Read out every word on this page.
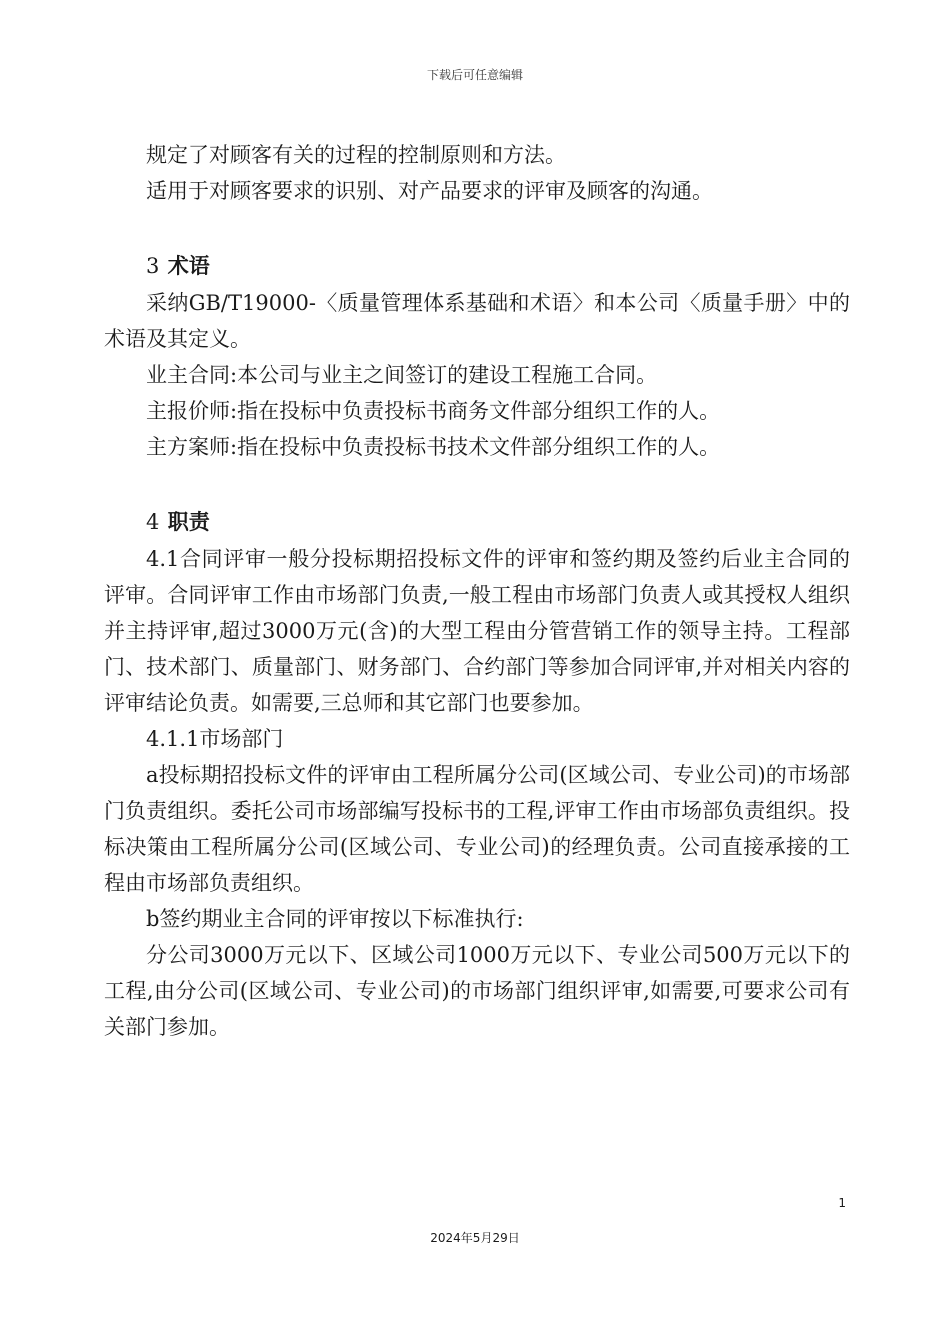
下载后可任意编辑

规定了对顾客有关的过程的控制原则和方法。

适用于对顾客要求的识别、对产品要求的评审及顾客的沟通。

3 术语

采纳GB/T19000-〈质量管理体系基础和术语〉和本公司〈质量手册〉中的术语及其定义。

业主合同:本公司与业主之间签订的建设工程施工合同。

主报价师:指在投标中负责投标书商务文件部分组织工作的人。

主方案师:指在投标中负责投标书技术文件部分组织工作的人。

4 职责

4.1合同评审一般分投标期招投标文件的评审和签约期及签约后业主合同的评审。合同评审工作由市场部门负责,一般工程由市场部门负责人或其授权人组织并主持评审,超过3000万元(含)的大型工程由分管营销工作的领导主持。工程部门、技术部门、质量部门、财务部门、合约部门等参加合同评审,并对相关内容的评审结论负责。如需要,三总师和其它部门也要参加。

4.1.1市场部门

a投标期招投标文件的评审由工程所属分公司(区域公司、专业公司)的市场部门负责组织。委托公司市场部编写投标书的工程,评审工作由市场部负责组织。投标决策由工程所属分公司(区域公司、专业公司)的经理负责。公司直接承接的工程由市场部负责组织。

b签约期业主合同的评审按以下标准执行:

分公司3000万元以下、区域公司1000万元以下、专业公司500万元以下的工程,由分公司(区域公司、专业公司)的市场部门组织评审,如需要,可要求公司有关部门参加。

1
2024年5月29日
